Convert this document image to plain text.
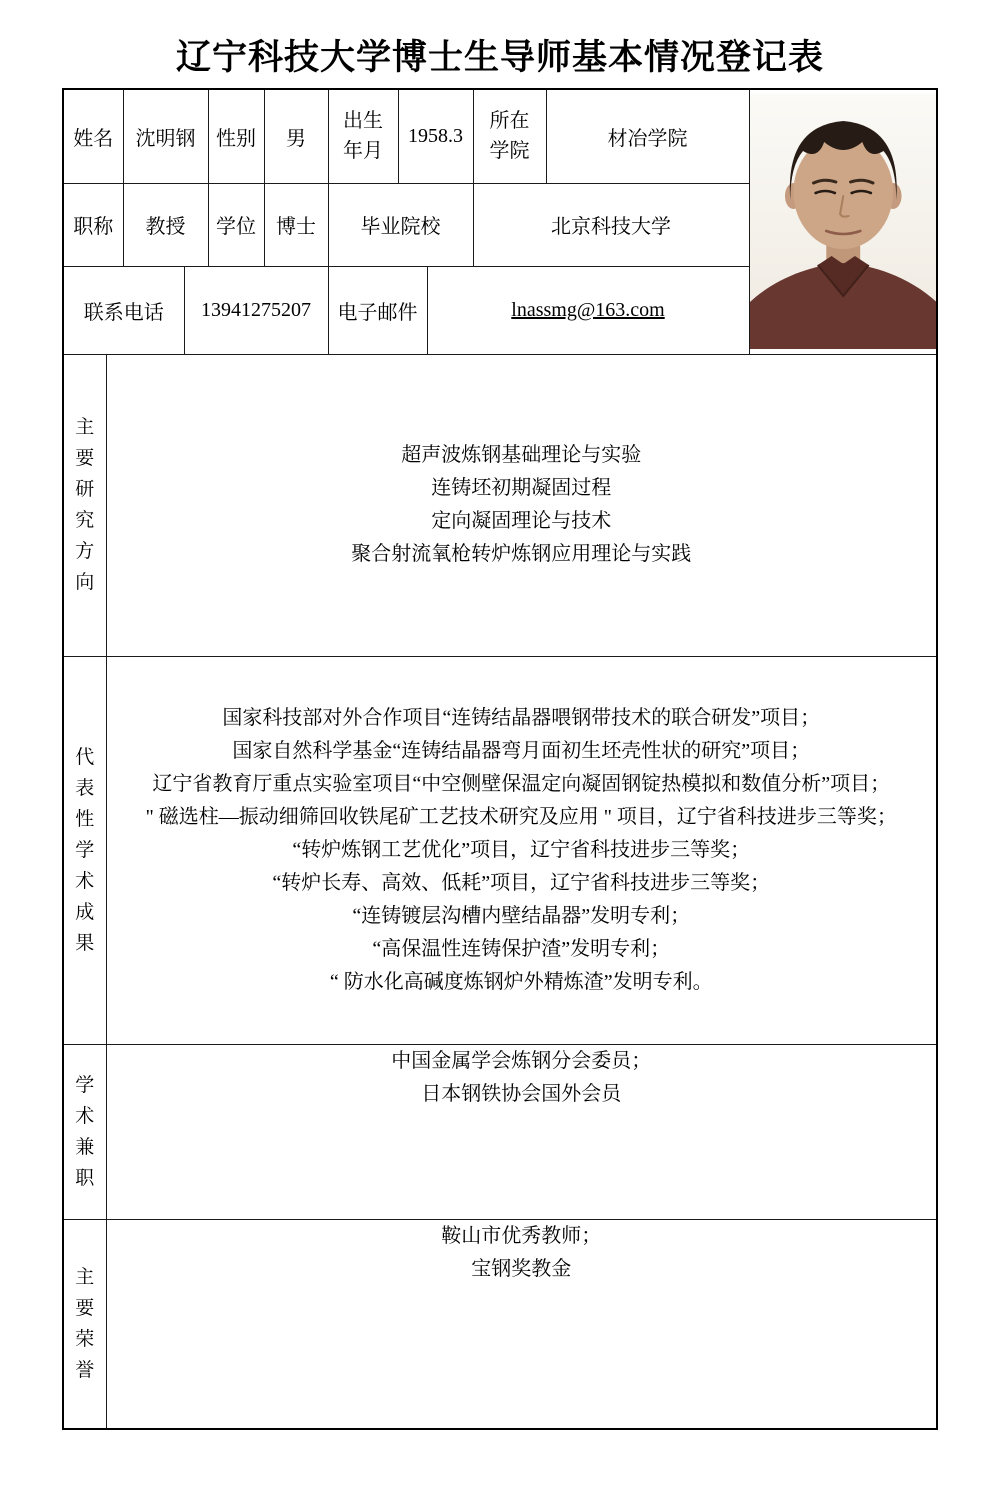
辽宁科技大学博士生导师基本情况登记表
姓名		沈明钢		性别	男	出生年月	1958.3		所在学院	材冶学院	

职称		教授		学位	博士	毕业院校			北京科技大学		
联系电话			13941275207			电子邮件		lnassmg@163.com			

主要研究方向	超声波炼钢基础理论与实验
连铸坯初期凝固过程
定向凝固理论与技术
聚合射流氧枪转炉炼钢应用理论与实践										

代表性学术成果

国家科技部对外合作项目“连铸结晶器喂钢带技术的联合研发”项目；
国家自然科学基金“连铸结晶器弯月面初生坯壳性状的研究”项目；
辽宁省教育厅重点实验室项目“中空侧壁保温定向凝固钢锭热模拟和数值分析”项目；
" 磁选柱—振动细筛回收铁尾矿工艺技术研究及应用 " 项目，辽宁省科技进步三等奖；
“转炉炼钢工艺优化”项目，辽宁省科技进步三等奖；
“转炉长寿、高效、低耗”项目，辽宁省科技进步三等奖；
“连铸镀层沟槽内壁结晶器”发明专利；
“高保温性连铸保护渣”发明专利；
“ 防水化高碱度炼钢炉外精炼渣”发明专利。

学术兼职	中国金属学会炼钢分会委员；
日本钢铁协会国外会员										

主要荣誉	鞍山市优秀教师；
宝钢奖教金										
